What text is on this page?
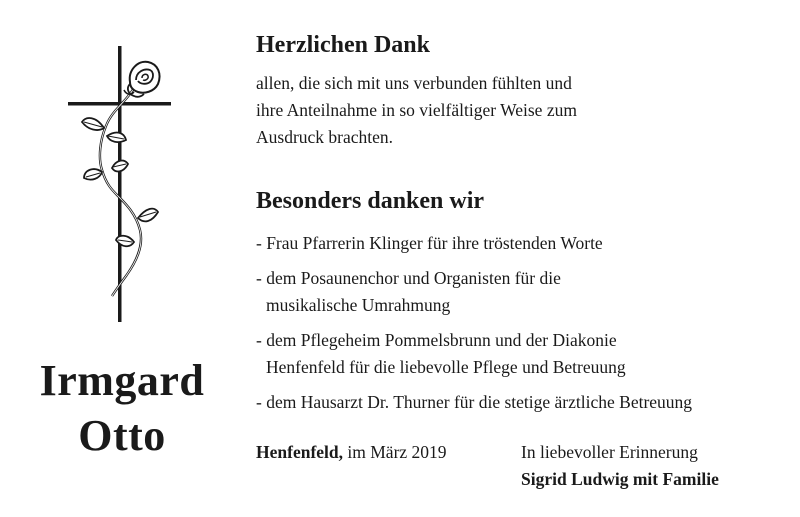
Irmgard
Otto
Herzlichen Dank

allen, die sich mit uns verbunden fühlten und
ihre Anteilnahme in so vielfältiger Weise zum
Ausdruck brachten.

Besonders danken wir
- Frau Pfarrerin Klinger für ihre tröstenden Worte
- dem Posaunenchor und Organisten für die
musikalische Umrahmung
- dem Pflegeheim Pommelsbrunn und der Diakonie
Henfenfeld für die liebevolle Pflege und Betreuung
- dem Hausarzt Dr. Thurner für die stetige ärztliche Betreuung
Henfenfeld, im März 2019	In liebevoller Erinnerung
Sigrid Ludwig mit Familie
